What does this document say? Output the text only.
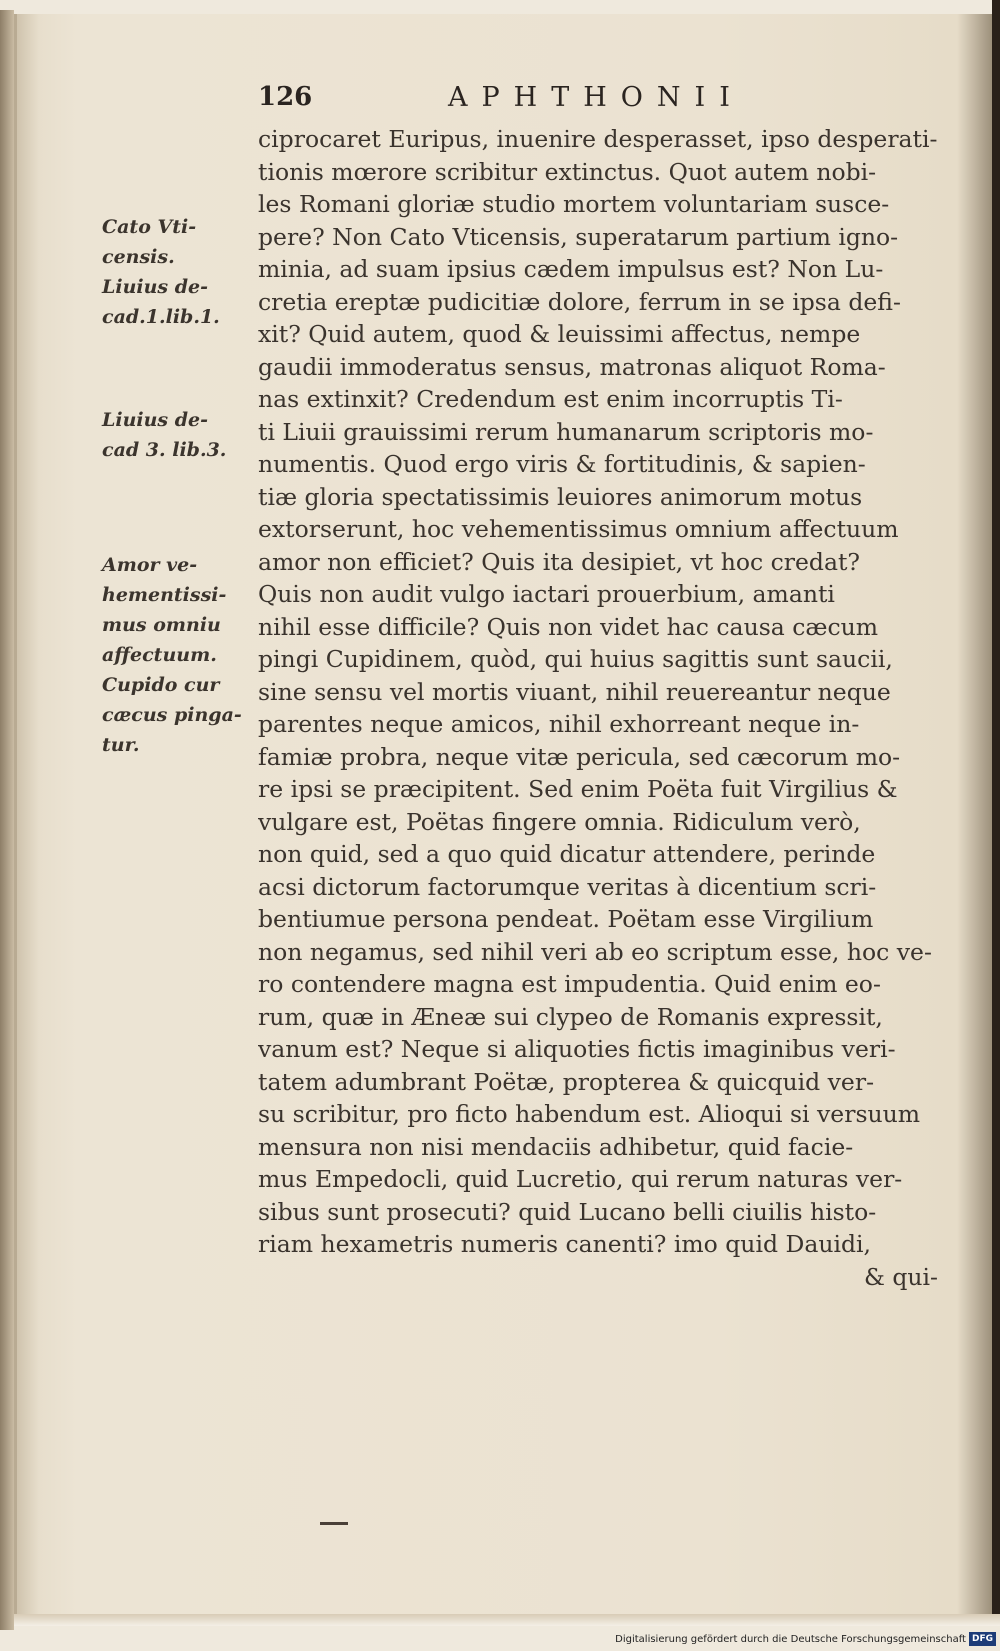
126	APHTHONII
Cato Vti-
censis.
Liuius de-
cad.1.lib.1.
Liuius de-
cad 3. lib.3.
Amor ve-
hementissi-
mus omniu
affectuum.
Cupido cur
cæcus pinga-
tur.
ciprocaret Euripus, inuenire desperasset, ipso desperati-
tionis mœrore scribitur extinctus. Quot autem nobi-
les Romani gloriæ studio mortem voluntariam susce-
pere? Non Cato Vticensis, superatarum partium igno-
minia, ad suam ipsius cædem impulsus est? Non Lu-
cretia ereptæ pudicitiæ dolore, ferrum in se ipsa defi-
xit? Quid autem, quod & leuissimi affectus, nempe
gaudii immoderatus sensus, matronas aliquot Roma-
nas extinxit? Credendum est enim incorruptis Ti-
ti Liuii grauissimi rerum humanarum scriptoris mo-
numentis. Quod ergo viris & fortitudinis, & sapien-
tiæ gloria spectatissimis leuiores animorum motus
extorserunt, hoc vehementissimus omnium affectuum
amor non efficiet? Quis ita desipiet, vt hoc credat?
Quis non audit vulgo iactari prouerbium, amanti
nihil esse difficile? Quis non videt hac causa cæcum
pingi Cupidinem, quòd, qui huius sagittis sunt saucii,
sine sensu vel mortis viuant, nihil reuereantur neque
parentes neque amicos, nihil exhorreant neque in-
famiæ probra, neque vitæ pericula, sed cæcorum mo-
re ipsi se præcipitent. Sed enim Poëta fuit Virgilius &
vulgare est, Poëtas fingere omnia. Ridiculum verò,
non quid, sed a quo quid dicatur attendere, perinde
acsi dictorum factorumque veritas à dicentium scri-
bentiumue persona pendeat. Poëtam esse Virgilium
non negamus, sed nihil veri ab eo scriptum esse, hoc ve-
ro contendere magna est impudentia. Quid enim eo-
rum, quæ in Æneæ sui clypeo de Romanis expressit,
vanum est? Neque si aliquoties fictis imaginibus veri-
tatem adumbrant Poëtæ, propterea & quicquid ver-
su scribitur, pro ficto habendum est. Alioqui si versuum
mensura non nisi mendaciis adhibetur, quid facie-
mus Empedocli, quid Lucretio, qui rerum naturas ver-
sibus sunt prosecuti? quid Lucano belli ciuilis histo-
riam hexametris numeris canenti? imo quid Dauidi,
& qui-
Digitalisierung gefördert durch die Deutsche Forschungsgemeinschaft DFG
